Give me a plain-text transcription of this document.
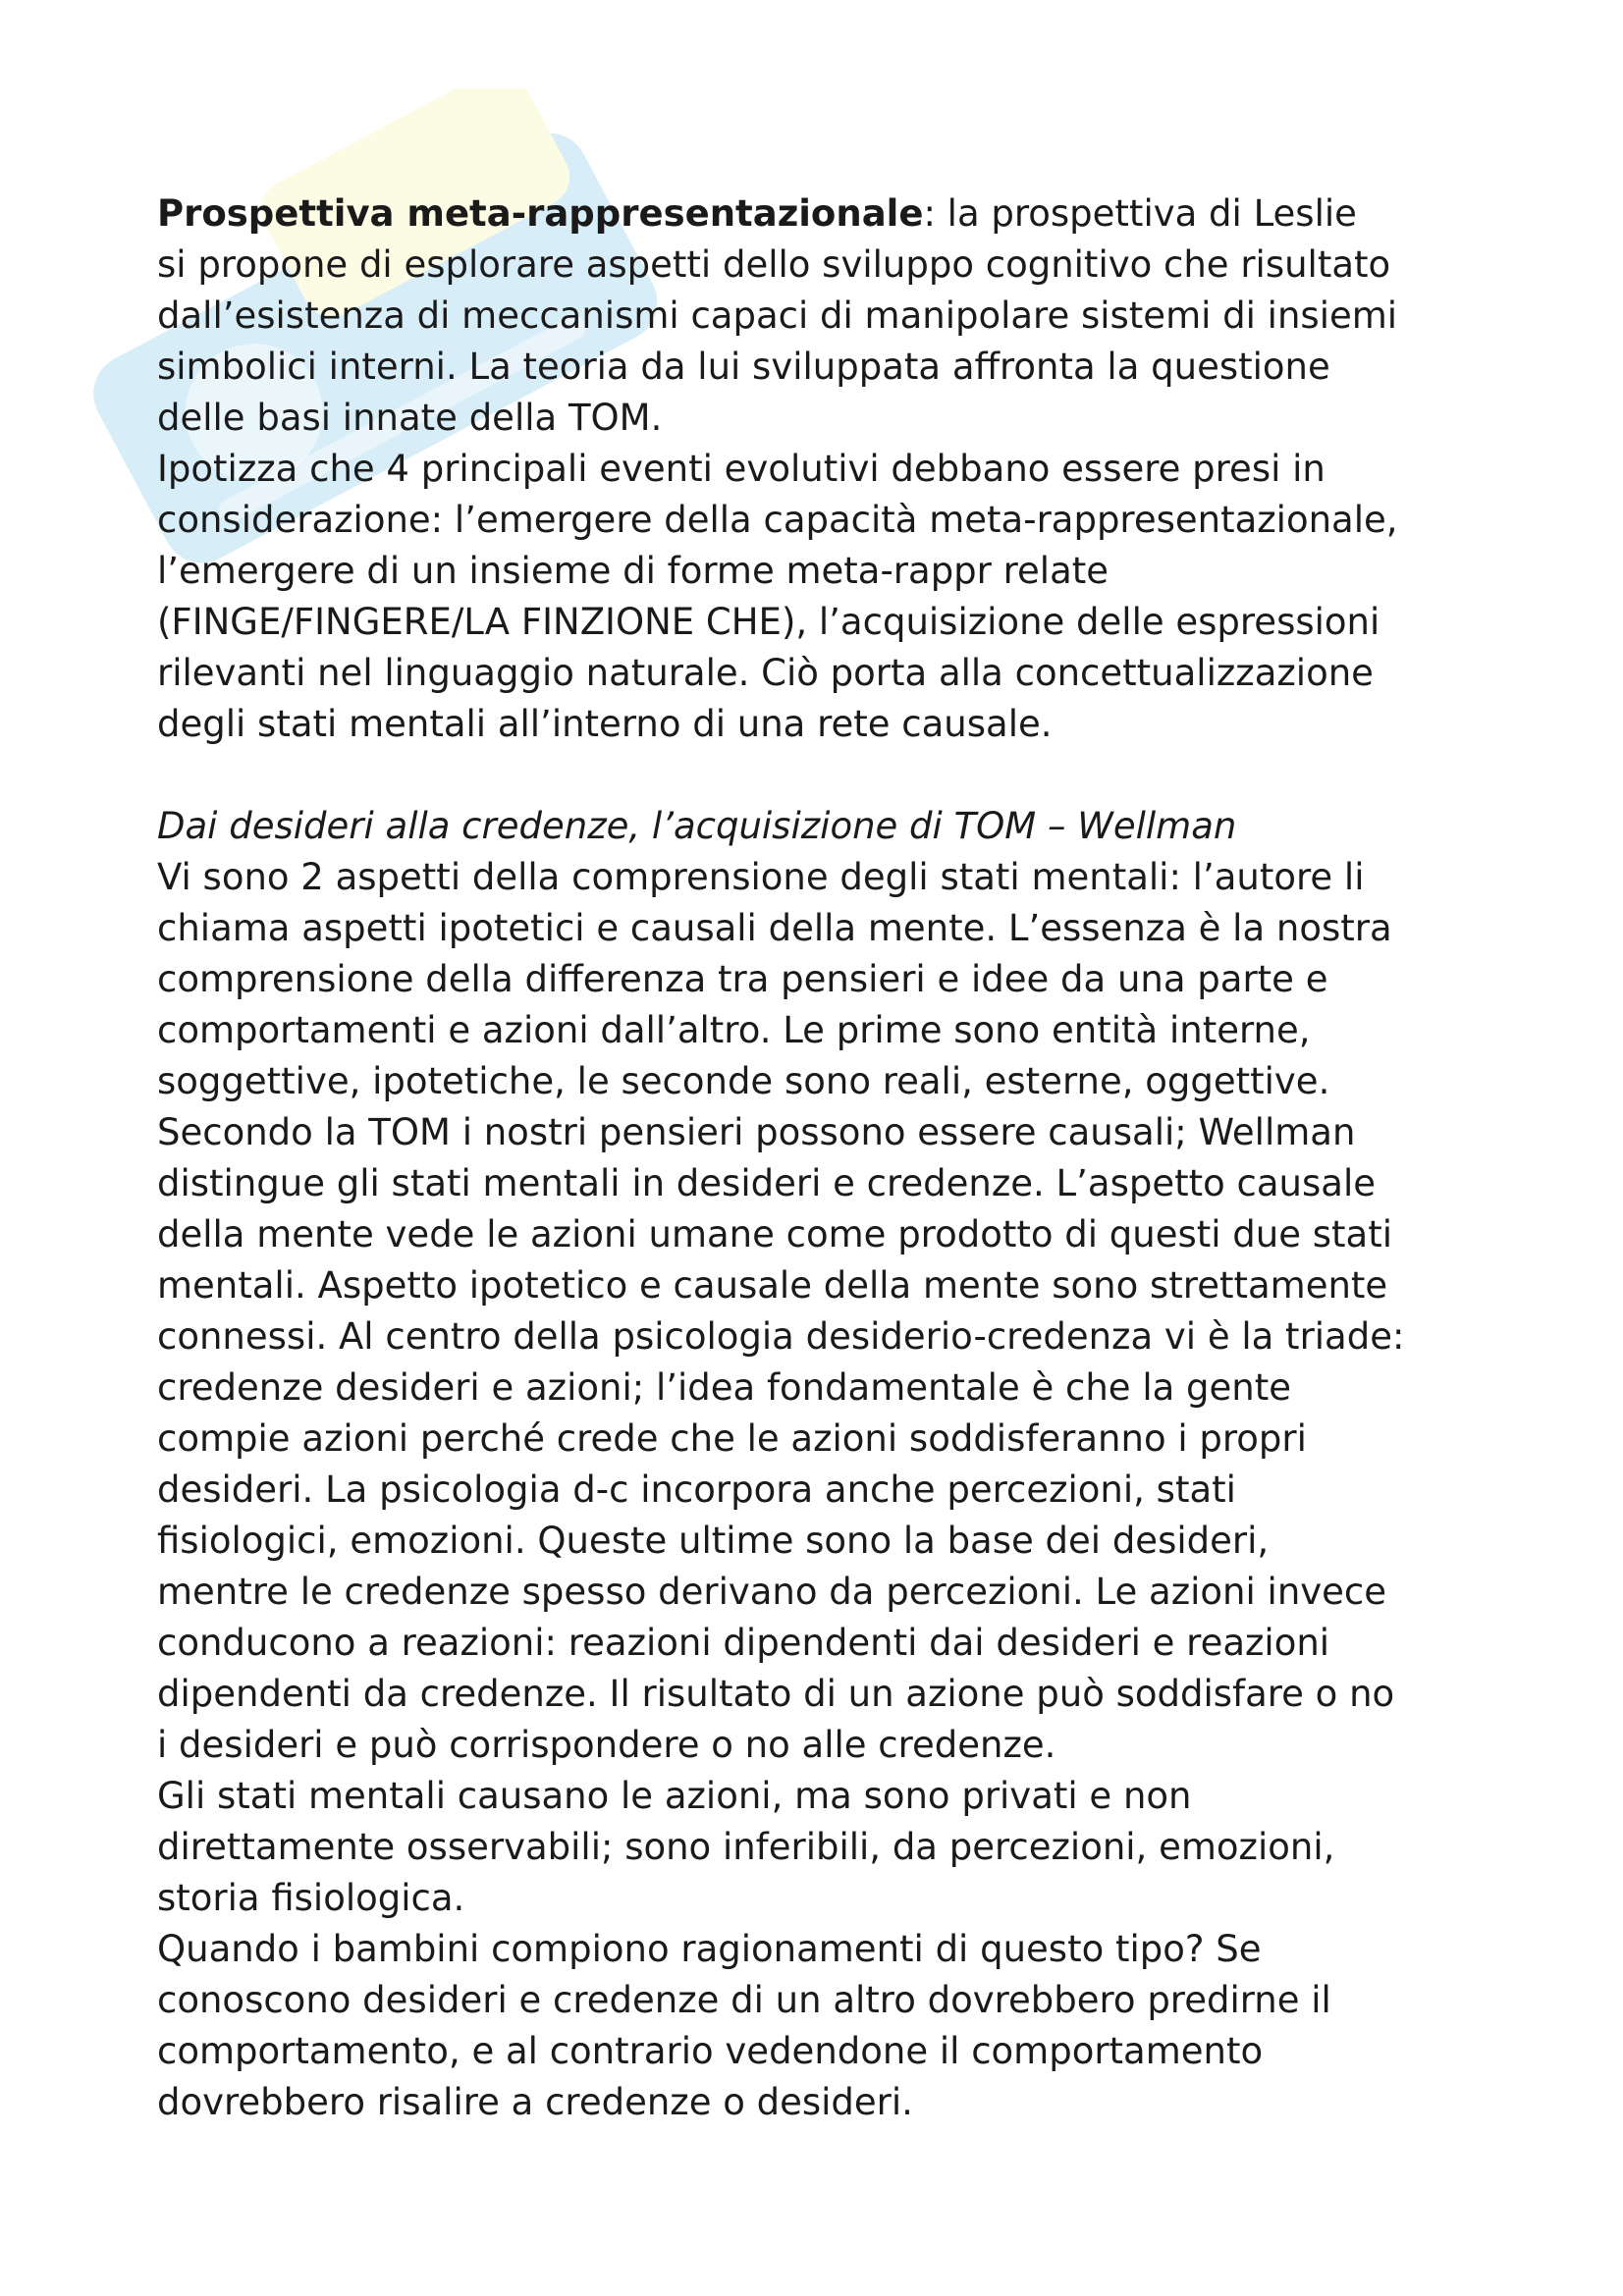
Prospettiva meta-rappresentazionale: la prospettiva di Leslie

si propone di esplorare aspetti dello sviluppo cognitivo che risultato

dall’esistenza di meccanismi capaci di manipolare sistemi di insiemi

simbolici interni. La teoria da lui sviluppata affronta la questione

delle basi innate della TOM.

Ipotizza che 4 principali eventi evolutivi debbano essere presi in

considerazione: l’emergere della capacità meta-rappresentazionale,

l’emergere di un insieme di forme meta-rappr relate

(FINGE/FINGERE/LA FINZIONE CHE), l’acquisizione delle espressioni

rilevanti nel linguaggio naturale. Ciò porta alla concettualizzazione

degli stati mentali all’interno di una rete causale.

Dai desideri alla credenze, l’acquisizione di TOM – Wellman

Vi sono 2 aspetti della comprensione degli stati mentali: l’autore li

chiama aspetti ipotetici e causali della mente. L’essenza è la nostra

comprensione della differenza tra pensieri e idee da una parte e

comportamenti e azioni dall’altro. Le prime sono entità interne,

soggettive, ipotetiche, le seconde sono reali, esterne, oggettive.

Secondo la TOM i nostri pensieri possono essere causali; Wellman

distingue gli stati mentali in desideri e credenze. L’aspetto causale

della mente vede le azioni umane come prodotto di questi due stati

mentali. Aspetto ipotetico e causale della mente sono strettamente

connessi. Al centro della psicologia desiderio-credenza vi è la triade:

credenze desideri e azioni; l’idea fondamentale è che la gente

compie azioni perché crede che le azioni soddisferanno i propri

desideri. La psicologia d-c incorpora anche percezioni, stati

fisiologici, emozioni. Queste ultime sono la base dei desideri,

mentre le credenze spesso derivano da percezioni. Le azioni invece

conducono a reazioni: reazioni dipendenti dai desideri e reazioni

dipendenti da credenze. Il risultato di un azione può soddisfare o no

i desideri e può corrispondere o no alle credenze.

Gli stati mentali causano le azioni, ma sono privati e non

direttamente osservabili; sono inferibili, da percezioni, emozioni,

storia fisiologica.

Quando i bambini compiono ragionamenti di questo tipo? Se

conoscono desideri e credenze di un altro dovrebbero predirne il

comportamento, e al contrario vedendone il comportamento

dovrebbero risalire a credenze o desideri.
